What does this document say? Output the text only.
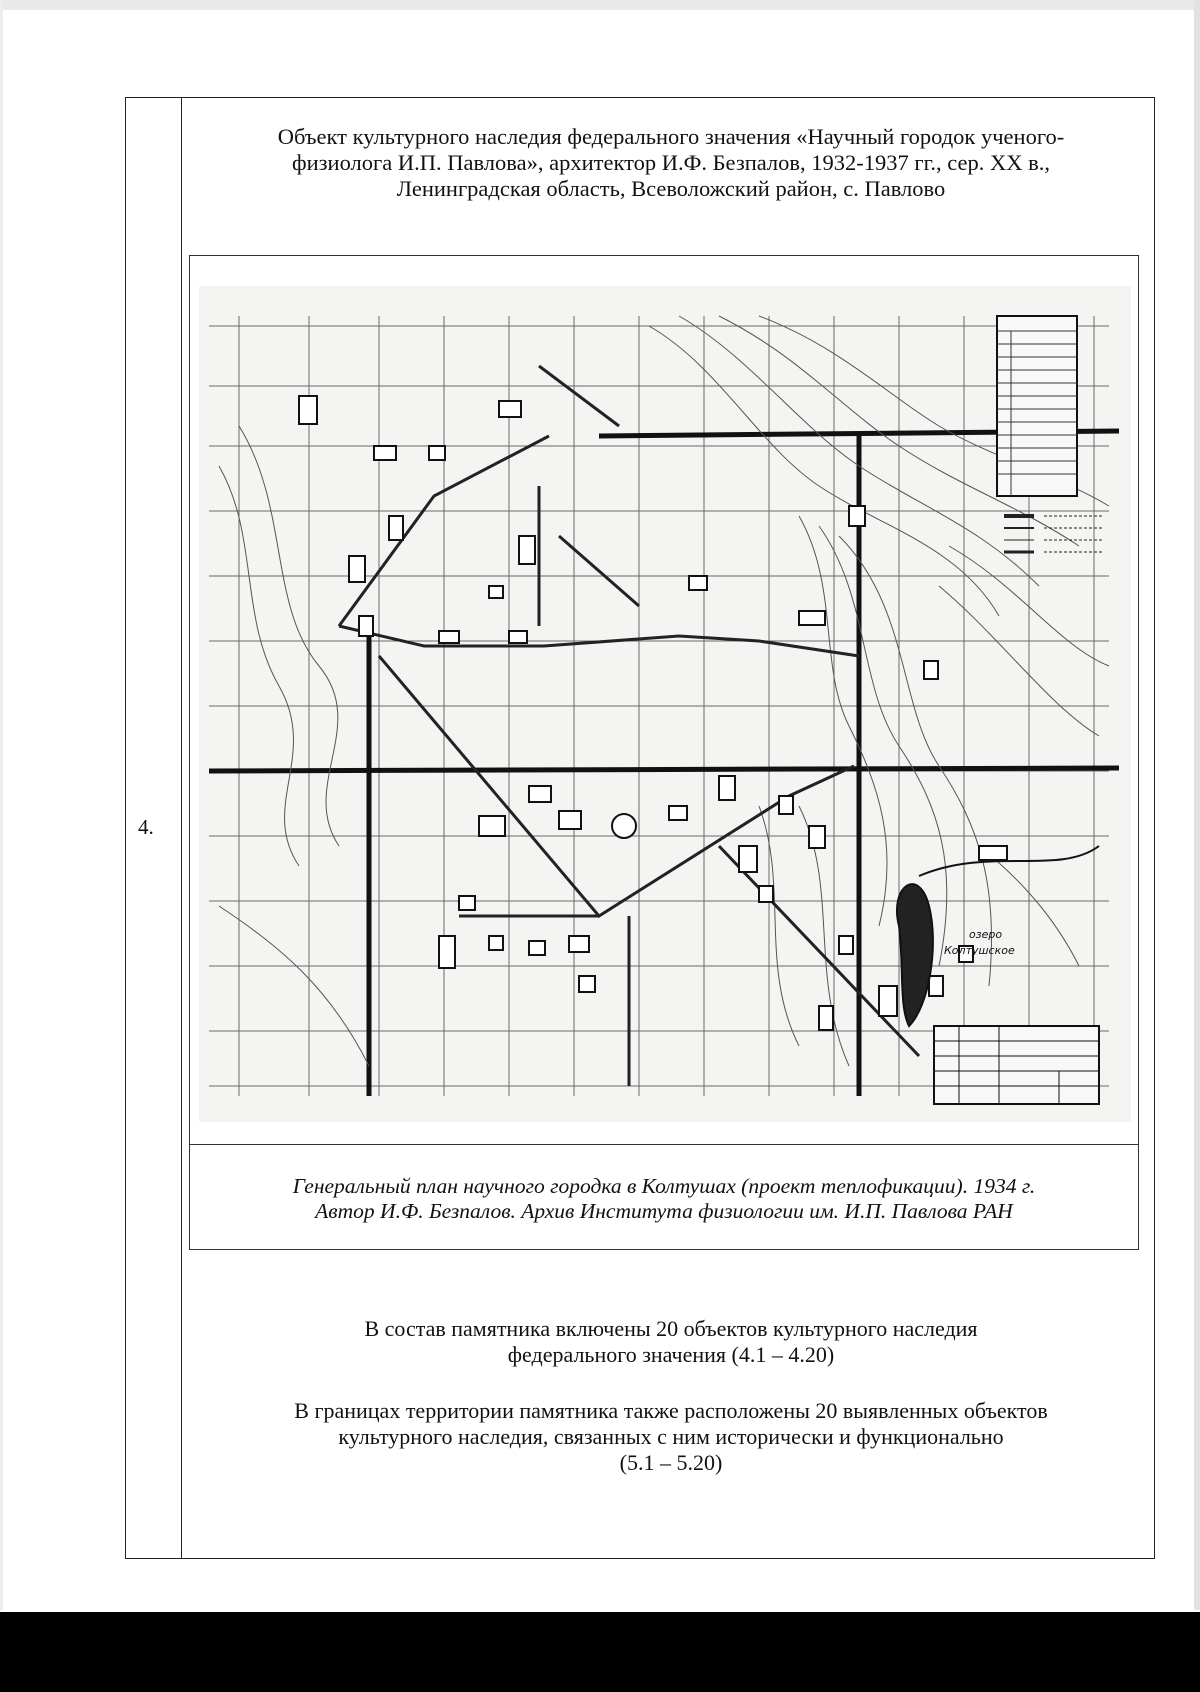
4.
Объект культурного наследия федерального значения «Научный городок ученого-
физиолога И.П. Павлова», архитектор И.Ф. Безпалов, 1932-1937 гг., сер. XX в.,
Ленинградская область, Всеволожский район, с. Павлово
озеро
Колтушское
Генеральный план научного городка в Колтушах (проект теплофикации). 1934 г.
Автор И.Ф. Безпалов. Архив Института физиологии им. И.П. Павлова РАН
В состав памятника включены 20 объектов культурного наследия
федерального значения (4.1 – 4.20)
В границах территории памятника также расположены 20 выявленных объектов
культурного наследия, связанных с ним исторически и функционально
(5.1 – 5.20)
